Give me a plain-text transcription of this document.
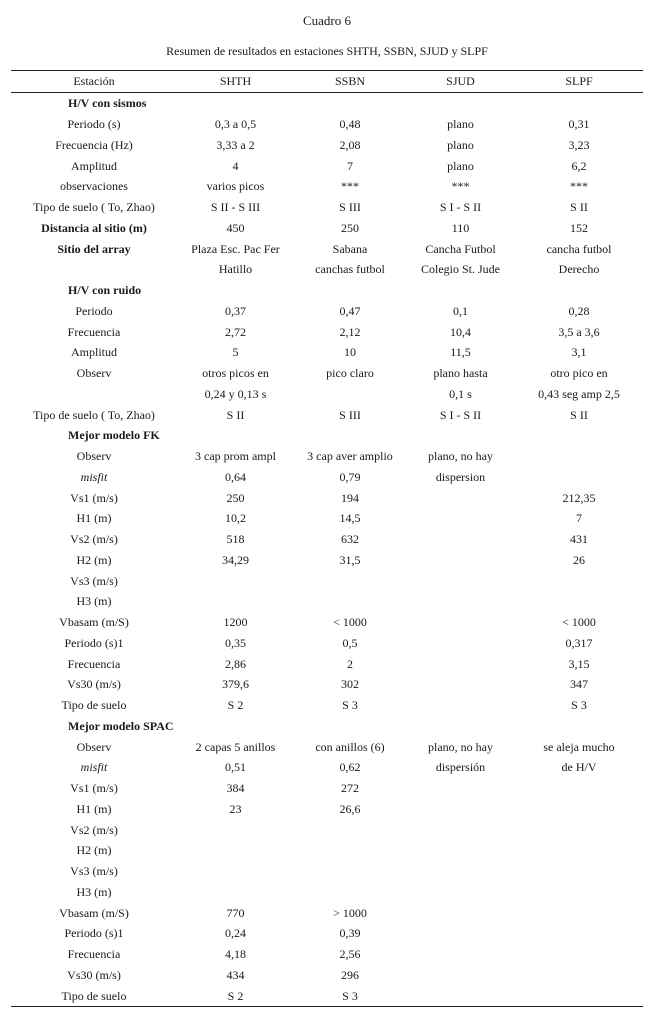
Cuadro 6
Resumen de resultados en estaciones SHTH, SSBN, SJUD y SLPF
Estación	SHTH	SSBN	SJUD	SLPF
H/V con sismos				
Periodo (s)	0,3 a 0,5	0,48	plano	0,31
Frecuencia (Hz)	3,33 a 2	2,08	plano	3,23
Amplitud	4	7	plano	6,2
observaciones	varios picos	***	***	***
Tipo de suelo ( To, Zhao)	S II - S III	S III	S I - S II	S II
Distancia al sitio (m)	450	250	110	152
Sitio del array	Plaza Esc. Pac Fer	Sabana	Cancha Futbol	cancha futbol
	Hatillo	canchas futbol	Colegio St. Jude	Derecho
H/V con ruido				
Periodo	0,37	0,47	0,1	0,28
Frecuencia	2,72	2,12	10,4	3,5 a 3,6
Amplitud	5	10	11,5	3,1
Observ	otros picos en	pico claro	plano hasta	otro pico en
	0,24 y 0,13 s		0,1 s	0,43 seg amp 2,5
Tipo de suelo ( To, Zhao)	S II	S III	S I - S II	S II
Mejor modelo FK				
Observ	3 cap prom ampl	3 cap aver amplio	plano, no hay	
misfit	0,64	0,79	dispersion	
Vs1 (m/s)	250	194		212,35
H1 (m)	10,2	14,5		7
Vs2 (m/s)	518	632		431
H2 (m)	34,29	31,5		26
Vs3 (m/s)				
H3 (m)				
Vbasam (m/S)	1200	< 1000		< 1000
Periodo (s)1	0,35	0,5		0,317
Frecuencia	2,86	2		3,15
Vs30 (m/s)	379,6	302		347
Tipo de suelo	S 2	S 3		S 3
Mejor modelo SPAC				
Observ	2 capas 5 anillos	con anillos (6)	plano, no hay	se aleja mucho
misfit	0,51	0,62	dispersión	de H/V
Vs1 (m/s)	384	272		
H1 (m)	23	26,6		
Vs2 (m/s)				
H2 (m)				
Vs3 (m/s)				
H3 (m)				
Vbasam (m/S)	770	> 1000		
Periodo (s)1	0,24	0,39		
Frecuencia	4,18	2,56		
Vs30 (m/s)	434	296		
Tipo de suelo	S 2	S 3		
